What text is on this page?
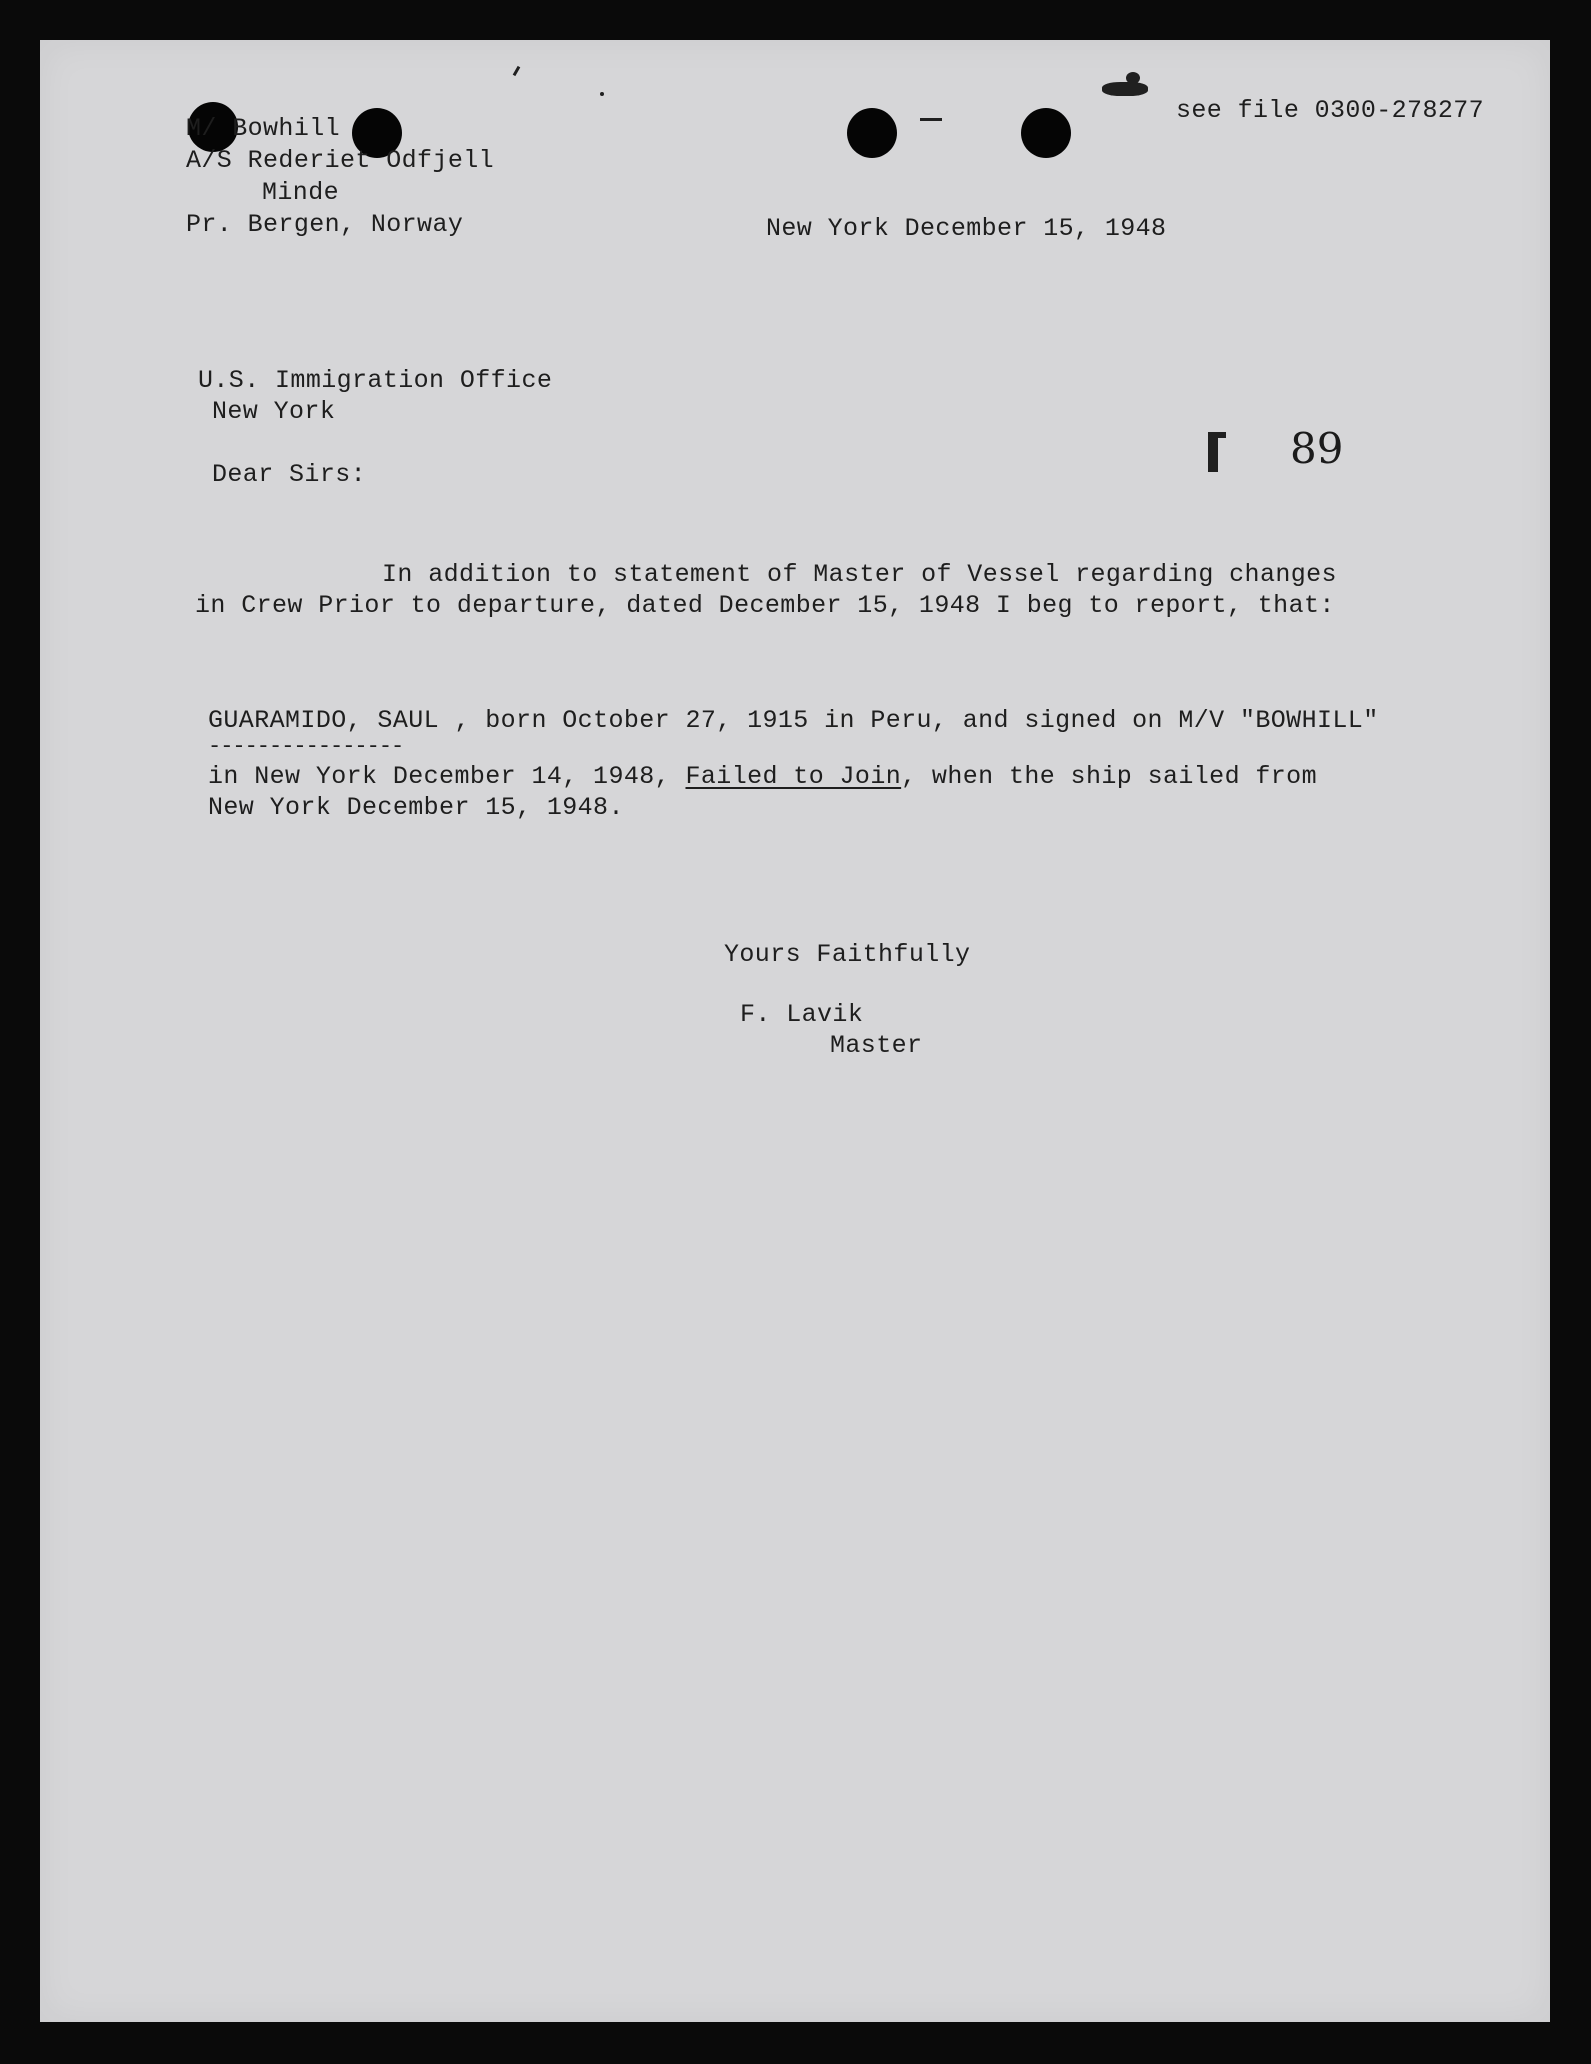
M/ Bowhill
A/S Rederiet Odfjell
Minde
Pr. Bergen, Norway
see file 0300-278277
New York December 15, 1948
U.S. Immigration Office
New York
89
Dear Sirs:
In addition to statement of Master of Vessel regarding changes
in Crew Prior to departure, dated December 15, 1948 I beg to report, that:
GUARAMIDO, SAUL , born October 27, 1915 in Peru, and signed on M/V "BOWHILL"
----------------
in New York December 14, 1948, Failed to Join, when the ship sailed from
New York December 15, 1948.
Yours Faithfully
F. Lavik
Master
